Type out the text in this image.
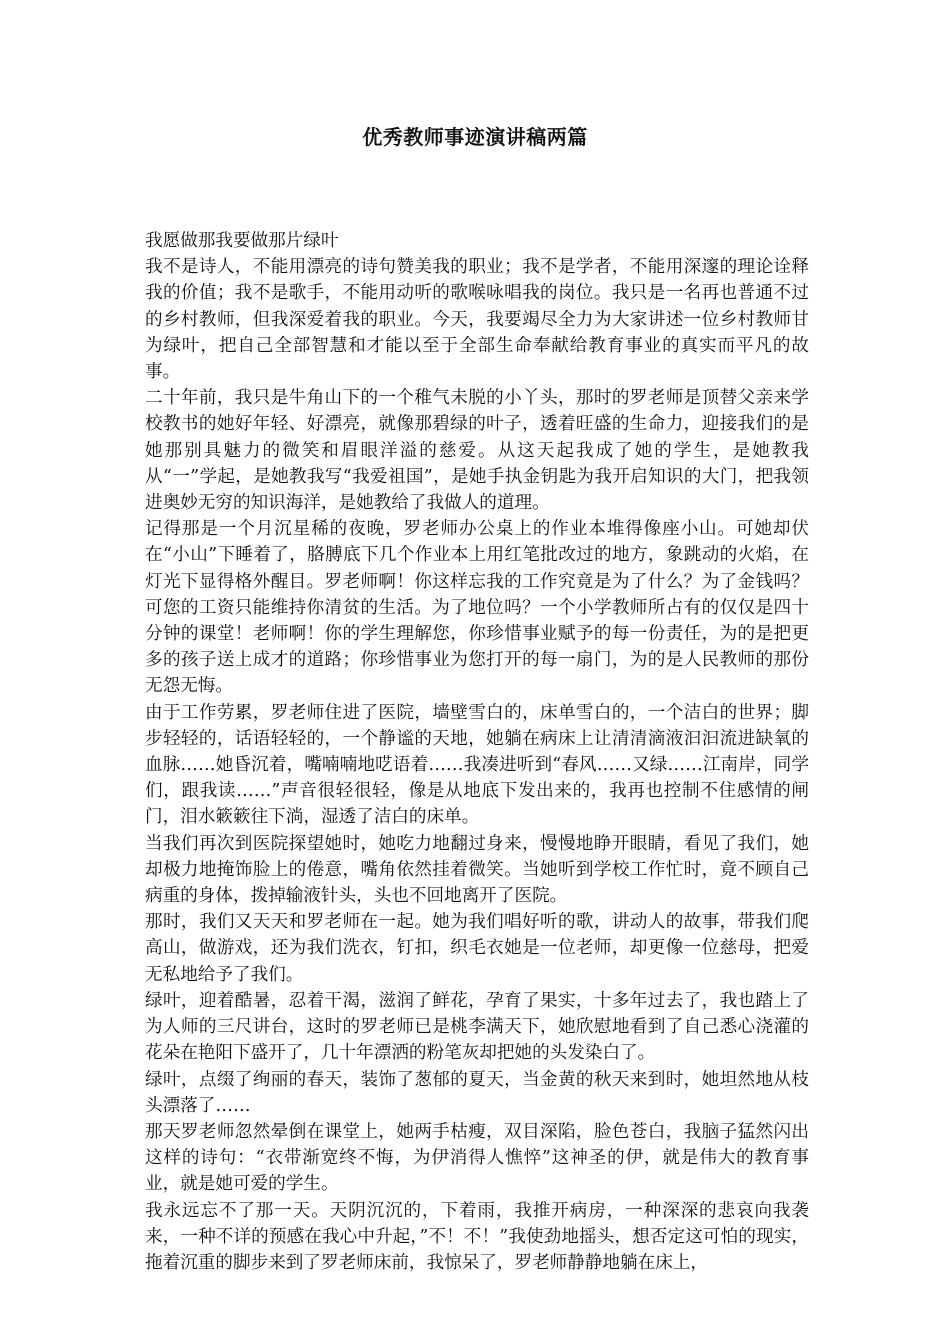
优秀教师事迹演讲稿两篇

我愿做那我要做那片绿叶

我不是诗人，不能用漂亮的诗句赞美我的职业；我不是学者，不能用深邃的理论诠释我的价值；我不是歌手，不能用动听的歌喉咏唱我的岗位。我只是一名再也普通不过的乡村教师，但我深爱着我的职业。今天，我要竭尽全力为大家讲述一位乡村教师甘为绿叶，把自己全部智慧和才能以至于全部生命奉献给教育事业的真实而平凡的故事。

二十年前，我只是牛角山下的一个稚气未脱的小丫头，那时的罗老师是顶替父亲来学校教书的她好年轻、好漂亮，就像那碧绿的叶子，透着旺盛的生命力，迎接我们的是她那别具魅力的微笑和眉眼洋溢的慈爱。从这天起我成了她的学生，是她教我从“一”学起，是她教我写“我爱祖国”，是她手执金钥匙为我开启知识的大门，把我领进奥妙无穷的知识海洋，是她教给了我做人的道理。

记得那是一个月沉星稀的夜晚，罗老师办公桌上的作业本堆得像座小山。可她却伏在“小山”下睡着了，胳膊底下几个作业本上用红笔批改过的地方，象跳动的火焰，在灯光下显得格外醒目。罗老师啊！你这样忘我的工作究竟是为了什么？为了金钱吗？可您的工资只能维持你清贫的生活。为了地位吗？一个小学教师所占有的仅仅是四十分钟的课堂！老师啊！你的学生理解您，你珍惜事业赋予的每一份责任，为的是把更多的孩子送上成才的道路；你珍惜事业为您打开的每一扇门，为的是人民教师的那份无怨无悔。

由于工作劳累，罗老师住进了医院，墙壁雪白的，床单雪白的，一个洁白的世界；脚步轻轻的，话语轻轻的，一个静谧的天地，她躺在病床上让清清滴液汩汩流进缺氧的血脉……她昏沉着，嘴喃喃地呓语着……我凑进听到“春风……又绿……江南岸，同学们，跟我读……”声音很轻很轻，像是从地底下发出来的，我再也控制不住感情的闸门，泪水簌簌往下淌，湿透了洁白的床单。

当我们再次到医院探望她时，她吃力地翻过身来，慢慢地睁开眼睛，看见了我们，她却极力地掩饰脸上的倦意，嘴角依然挂着微笑。当她听到学校工作忙时，竟不顾自己病重的身体，拨掉输液针头，头也不回地离开了医院。

那时，我们又天天和罗老师在一起。她为我们唱好听的歌，讲动人的故事，带我们爬高山，做游戏，还为我们洗衣，钉扣，织毛衣她是一位老师，却更像一位慈母，把爱无私地给予了我们。

绿叶，迎着酷暑，忍着干渴，滋润了鲜花，孕育了果实，十多年过去了，我也踏上了为人师的三尺讲台，这时的罗老师已是桃李满天下，她欣慰地看到了自己悉心浇灌的花朵在艳阳下盛开了，几十年漂洒的粉笔灰却把她的头发染白了。

绿叶，点缀了绚丽的春天，装饰了葱郁的夏天，当金黄的秋天来到时，她坦然地从枝头漂落了……

那天罗老师忽然晕倒在课堂上，她两手枯瘦，双目深陷，脸色苍白，我脑子猛然闪出这样的诗句：“衣带渐宽终不悔，为伊消得人憔悴”这神圣的伊，就是伟大的教育事业，就是她可爱的学生。

我永远忘不了那一天。天阴沉沉的，下着雨，我推开病房，一种深深的悲哀向我袭来，一种不详的预感在我心中升起，”不！不！”我使劲地摇头，想否定这可怕的现实，拖着沉重的脚步来到了罗老师床前，我惊呆了，罗老师静静地躺在床上，
